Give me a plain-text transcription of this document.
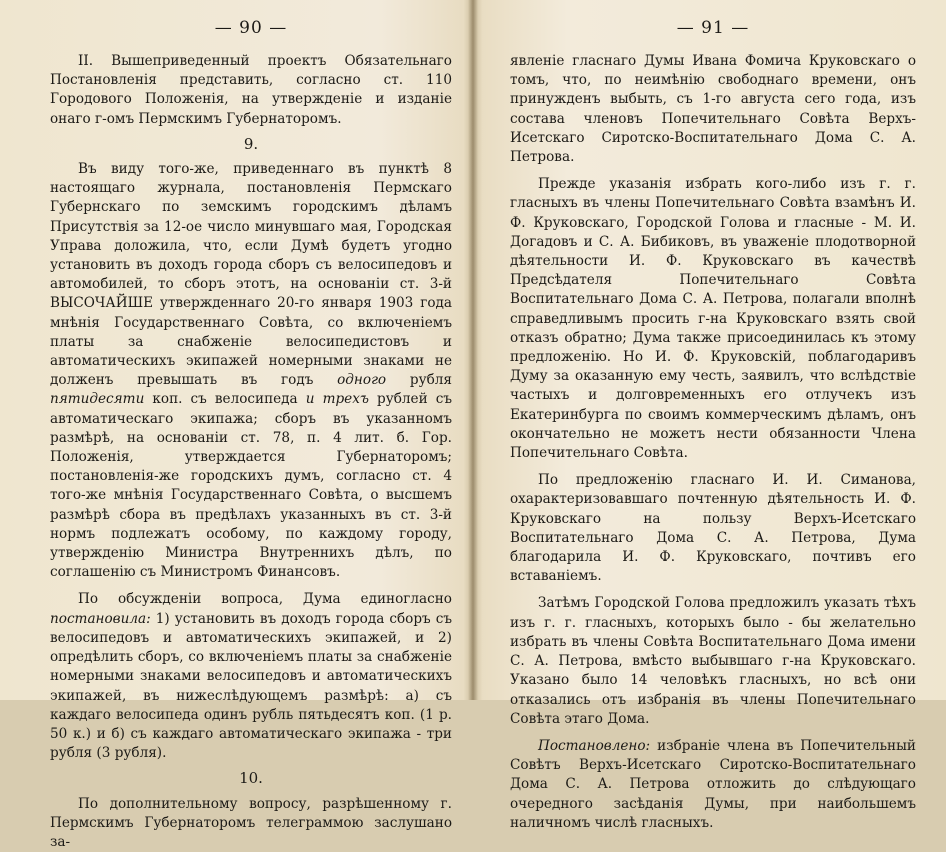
— 90 —

II. Вышеприведенный проектъ Обязательнаго Постановленія представить, согласно ст. 110 Городового Положенія, на утвержденіе и изданіе онаго г-омъ Пермскимъ Губернаторомъ.

9.

Въ виду того-же, приведеннаго въ пунктѣ 8 настоящаго журнала, постановленія Пермскаго Губернскаго по земскимъ городскимъ дѣламъ Присутствія за 12-ое число минувшаго мая, Городская Управа доложила, что, если Думѣ будетъ угодно установить въ доходъ города сборъ съ велосипедовъ и автомобилей, то сборъ этотъ, на основаніи ст. 3-й ВЫСОЧАЙШЕ утвержденнаго 20-го января 1903 года мнѣнія Государственнаго Совѣта, со включеніемъ платы за снабженіе велосипедистовъ и автоматическихъ экипажей номерными знаками не долженъ превышать въ годъ одного рубля пятидесяти коп. съ велосипеда и трехъ рублей съ автоматическаго экипажа; сборъ въ указанномъ размѣрѣ, на основаніи ст. 78, п. 4 лит. б. Гор. Положенія, утверждается Губернаторомъ; постановленія-же городскихъ думъ, согласно ст. 4 того-же мнѣнія Государственнаго Совѣта, о высшемъ размѣрѣ сбора въ предѣлахъ указанныхъ въ ст. 3-й нормъ подлежатъ особому, по каждому городу, утвержденію Министра Внутреннихъ дѣлъ, по соглашенію съ Министромъ Финансовъ.

По обсужденіи вопроса, Дума единогласно постановила: 1) установить въ доходъ города сборъ съ велосипедовъ и автоматическихъ экипажей, и 2) опредѣлить сборъ, со включеніемъ платы за снабженіе номерными знаками велосипедовъ и автоматическихъ экипажей, въ нижеслѣдующемъ размѣрѣ: а) съ каждаго велосипеда одинъ рубль пятьдесятъ коп. (1 р. 50 к.) и б) съ каждаго автоматическаго экипажа - три рубля (3 рубля).

10.

По дополнительному вопросу, разрѣшенному г. Пермскимъ Губернаторомъ телеграммою заслушано за-

— 91 —

явленіе гласнаго Думы Ивана Фомича Круковскаго о томъ, что, по неимѣнію свободнаго времени, онъ принужденъ выбыть, съ 1-го августа сего года, изъ состава членовъ Попечительнаго Совѣта Верхъ-Исетскаго Сиротско-Воспитательнаго Дома С. А. Петрова.

Прежде указанія избрать кого-либо изъ г. г. гласныхъ въ члены Попечительнаго Совѣта взамѣнъ И. Ф. Круковскаго, Городской Голова и гласные - М. И. Догадовъ и С. А. Бибиковъ, въ уваженіе плодотворной дѣятельности И. Ф. Круковскаго въ качествѣ Предсѣдателя Попечительнаго Совѣта Воспитательнаго Дома С. А. Петрова, полагали вполнѣ справедливымъ просить г-на Круковскаго взять свой отказъ обратно; Дума также присоединилась къ этому предложенію. Но И. Ф. Круковскій, поблагодаривъ Думу за оказанную ему честь, заявилъ, что вслѣдствіе частыхъ и долговременныхъ его отлучекъ изъ Екатеринбурга по своимъ коммерческимъ дѣламъ, онъ окончательно не можетъ нести обязанности Члена Попечительнаго Совѣта.

По предложенію гласнаго И. И. Симанова, охарактеризовавшаго почтенную дѣятельность И. Ф. Круковскаго на пользу Верхъ-Исетскаго Воспитательнаго Дома С. А. Петрова, Дума благодарила И. Ф. Круковскаго, почтивъ его вставаніемъ.

Затѣмъ Городской Голова предложилъ указать тѣхъ изъ г. г. гласныхъ, которыхъ было - бы желательно избрать въ члены Совѣта Воспитательнаго Дома имени С. А. Петрова, вмѣсто выбывшаго г-на Круковскаго. Указано было 14 человѣкъ гласныхъ, но всѣ они отказались отъ избранія въ члены Попечительнаго Совѣта этаго Дома.

Постановлено: избраніе члена въ Попечительный Совѣтъ Верхъ-Исетскаго Сиротско-Воспитательнаго Дома С. А. Петрова отложить до слѣдующаго очередного засѣданія Думы, при наибольшемъ наличномъ числѣ гласныхъ.
